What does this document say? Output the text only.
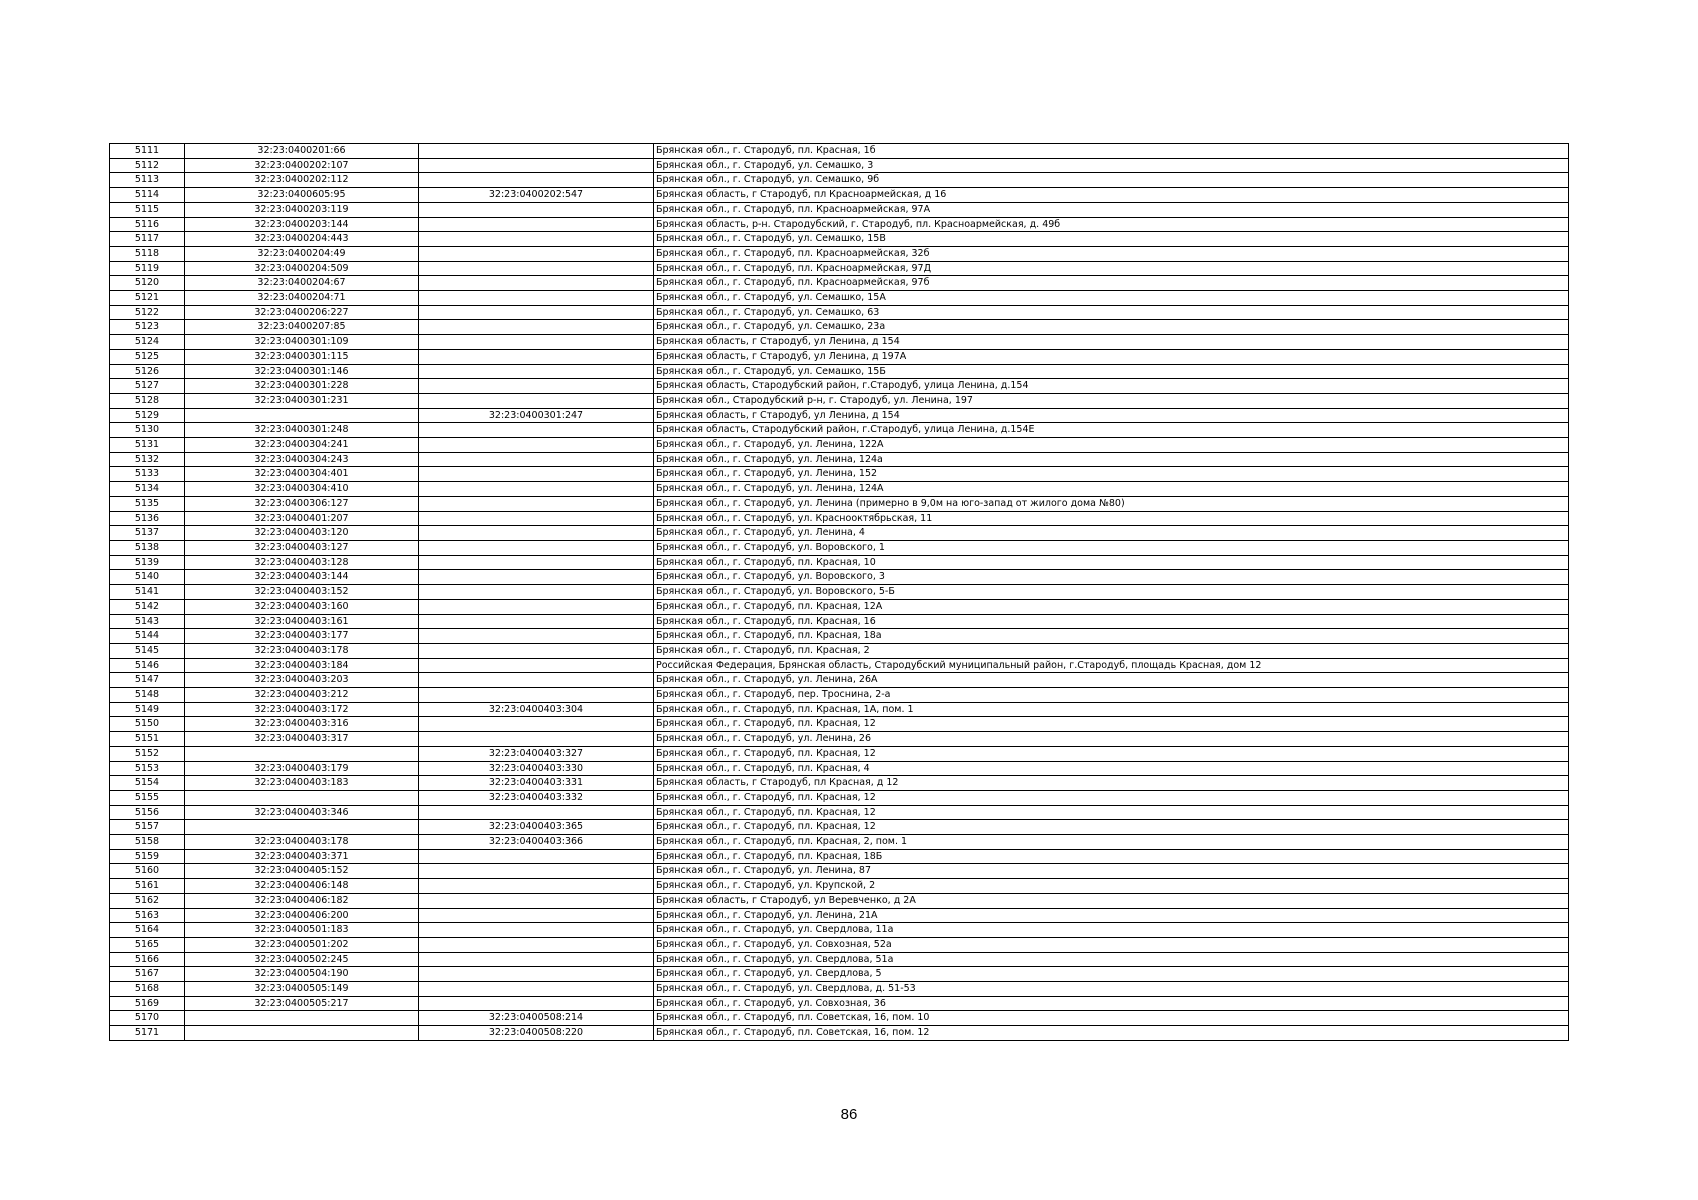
5111	32:23:0400201:66		Брянская обл., г. Стародуб, пл. Красная, 1б
5112	32:23:0400202:107		Брянская обл., г. Стародуб, ул. Семашко, 3
5113	32:23:0400202:112		Брянская обл., г. Стародуб, ул. Семашко, 9б
5114	32:23:0400605:95	32:23:0400202:547	Брянская область, г Стародуб, пл Красноармейская, д 16
5115	32:23:0400203:119		Брянская обл., г. Стародуб, пл. Красноармейская, 97А
5116	32:23:0400203:144		Брянская область, р-н. Стародубский, г. Стародуб, пл. Красноармейская, д. 49б
5117	32:23:0400204:443		Брянская обл., г. Стародуб, ул. Семашко, 15В
5118	32:23:0400204:49		Брянская обл., г. Стародуб, пл. Красноармейская, 32б
5119	32:23:0400204:509		Брянская обл., г. Стародуб, пл. Красноармейская, 97Д
5120	32:23:0400204:67		Брянская обл., г. Стародуб, пл. Красноармейская, 97б
5121	32:23:0400204:71		Брянская обл., г. Стародуб, ул. Семашко, 15А
5122	32:23:0400206:227		Брянская обл., г. Стародуб, ул. Семашко, 63
5123	32:23:0400207:85		Брянская обл., г. Стародуб, ул. Семашко, 23а
5124	32:23:0400301:109		Брянская область, г Стародуб, ул Ленина, д 154
5125	32:23:0400301:115		Брянская область, г Стародуб, ул Ленина, д 197А
5126	32:23:0400301:146		Брянская обл., г. Стародуб, ул. Семашко, 15Б
5127	32:23:0400301:228		Брянская область, Стародубский район, г.Стародуб, улица Ленина, д.154
5128	32:23:0400301:231		Брянская обл., Стародубский р-н, г. Стародуб, ул. Ленина, 197
5129		32:23:0400301:247	Брянская область, г Стародуб, ул Ленина, д 154
5130	32:23:0400301:248		Брянская область, Стародубский район, г.Стародуб, улица Ленина, д.154Е
5131	32:23:0400304:241		Брянская обл., г. Стародуб, ул. Ленина, 122А
5132	32:23:0400304:243		Брянская обл., г. Стародуб, ул. Ленина, 124а
5133	32:23:0400304:401		Брянская обл., г. Стародуб, ул. Ленина, 152
5134	32:23:0400304:410		Брянская обл., г. Стародуб, ул. Ленина, 124А
5135	32:23:0400306:127		Брянская обл., г. Стародуб, ул. Ленина (примерно в 9,0м на юго-запад от жилого дома №80)
5136	32:23:0400401:207		Брянская обл., г. Стародуб, ул. Краснооктябрьская, 11
5137	32:23:0400403:120		Брянская обл., г. Стародуб, ул. Ленина, 4
5138	32:23:0400403:127		Брянская обл., г. Стародуб, ул. Воровского, 1
5139	32:23:0400403:128		Брянская обл., г. Стародуб, пл. Красная, 10
5140	32:23:0400403:144		Брянская обл., г. Стародуб, ул. Воровского, 3
5141	32:23:0400403:152		Брянская обл., г. Стародуб, ул. Воровского, 5-Б
5142	32:23:0400403:160		Брянская обл., г. Стародуб, пл. Красная, 12А
5143	32:23:0400403:161		Брянская обл., г. Стародуб, пл. Красная, 16
5144	32:23:0400403:177		Брянская обл., г. Стародуб, пл. Красная, 18а
5145	32:23:0400403:178		Брянская обл., г. Стародуб, пл. Красная, 2
5146	32:23:0400403:184		Российская Федерация, Брянская область, Стародубский муниципальный район, г.Стародуб, площадь Красная, дом 12
5147	32:23:0400403:203		Брянская обл., г. Стародуб, ул. Ленина, 26А
5148	32:23:0400403:212		Брянская обл., г. Стародуб, пер. Троснина, 2-а
5149	32:23:0400403:172	32:23:0400403:304	Брянская обл., г. Стародуб, пл. Красная, 1А, пом. 1
5150	32:23:0400403:316		Брянская обл., г. Стародуб, пл. Красная, 12
5151	32:23:0400403:317		Брянская обл., г. Стародуб, ул. Ленина, 26
5152		32:23:0400403:327	Брянская обл., г. Стародуб, пл. Красная, 12
5153	32:23:0400403:179	32:23:0400403:330	Брянская обл., г. Стародуб, пл. Красная, 4
5154	32:23:0400403:183	32:23:0400403:331	Брянская область, г Стародуб, пл Красная, д 12
5155		32:23:0400403:332	Брянская обл., г. Стародуб, пл. Красная, 12
5156	32:23:0400403:346		Брянская обл., г. Стародуб, пл. Красная, 12
5157		32:23:0400403:365	Брянская обл., г. Стародуб, пл. Красная, 12
5158	32:23:0400403:178	32:23:0400403:366	Брянская обл., г. Стародуб, пл. Красная, 2, пом. 1
5159	32:23:0400403:371		Брянская обл., г. Стародуб, пл. Красная, 18Б
5160	32:23:0400405:152		Брянская обл., г. Стародуб, ул. Ленина, 87
5161	32:23:0400406:148		Брянская обл., г. Стародуб, ул. Крупской, 2
5162	32:23:0400406:182		Брянская область, г Стародуб, ул Веревченко, д 2А
5163	32:23:0400406:200		Брянская обл., г. Стародуб, ул. Ленина, 21А
5164	32:23:0400501:183		Брянская обл., г. Стародуб, ул. Свердлова, 11а
5165	32:23:0400501:202		Брянская обл., г. Стародуб, ул. Совхозная, 52а
5166	32:23:0400502:245		Брянская обл., г. Стародуб, ул. Свердлова, 51а
5167	32:23:0400504:190		Брянская обл., г. Стародуб, ул. Свердлова, 5
5168	32:23:0400505:149		Брянская обл., г. Стародуб, ул. Свердлова, д. 51-53
5169	32:23:0400505:217		Брянская обл., г. Стародуб, ул. Совхозная, 36
5170		32:23:0400508:214	Брянская обл., г. Стародуб, пл. Советская, 16, пом. 10
5171		32:23:0400508:220	Брянская обл., г. Стародуб, пл. Советская, 16, пом. 12
86
